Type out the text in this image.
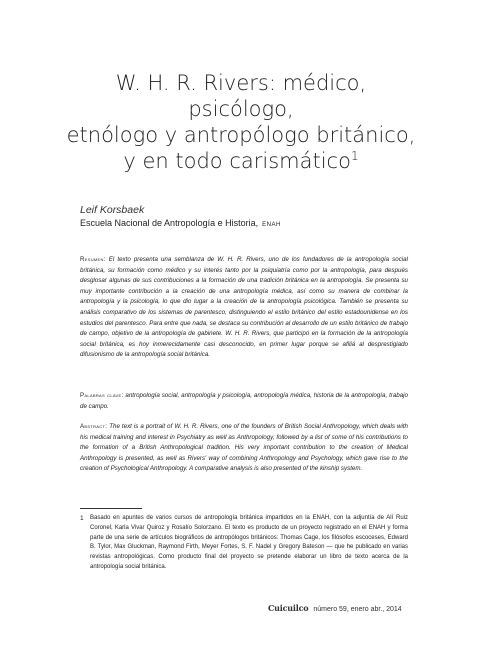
W. H. R. Rivers: médico, psicólogo,
etnólogo y antropólogo británico,
y en todo carismático$^1$
Leif Korsbaek
Escuela Nacional de Antropología e Historia, ENAH
Resumen: El texto presenta una semblanza de W. H. R. Rivers, uno de los fundadores de la antropología social británica, su formación como médico y su interés tanto por la psiquiatría como por la antropología, para después desglosar algunas de sus contribuciones a la formación de una tradición británica en la antropología. Se presenta su muy importante contribución a la creación de una antropología médica, así como su manera de combinar la antropología y la psicología, lo que dio lugar a la creación de la antropología psicológica. También se presenta su análisis comparativo de los sistemas de parentesco, distinguiendo el estilo británico del estilo estadounidense en los estudios del parentesco. Para entre que nada, se destaca su contribución al desarrollo de un estilo británico de trabajo de campo, objetivo de la antropología de gabinete. W. H. R. Rivers, que participó en la formación de la antropología social británica, es hoy inmerecidamente casi desconocido, en primer lugar porque se afiliá al desprestigiado difusionismo de la antropología social británica.
Palabras clave: antropología social, antropología y psicología, antropología médica, historia de la antropología, trabajo de campo.
Abstract: The text is a portrait of W. H. R. Rivers, one of the founders of British Social Anthropology, which deals with his medical training and interest in Psychiatry as well as Anthropology, followed by a list of some of his contributions to the formation of a British Anthropological tradition. His very important contribution to the creation of Medical Anthropology is presented, as well as Rivers' way of combining Anthropology and Psychology, which gave rise to the creation of Psychological Anthropology. A comparative analysis is also presented of the kinship system.
1 Basado en apuntes de varios cursos de antropología británica impartidos en la ENAH, con la adjuntía de Alí Ruiz Coronel, Karla Vivar Quiroz y Rosalío Solorzano. El texto es producto de un proyecto registrado en el ENAH y forma parte de una serie de artículos biográficos de antropólogos británicos: Thomas Cage, los filósofos escoceses, Edward B. Tylor, Max Gluckman, Raymond Firth, Meyer Fortes, S. F. Nadel y Gregory Bateson — que he publicado en varias revistas antropológicas. Como producto final del proyecto se pretende elaborar un libro de texto acerca de la antropología social británica.
Cuicuilco número 59, enero abr., 2014
